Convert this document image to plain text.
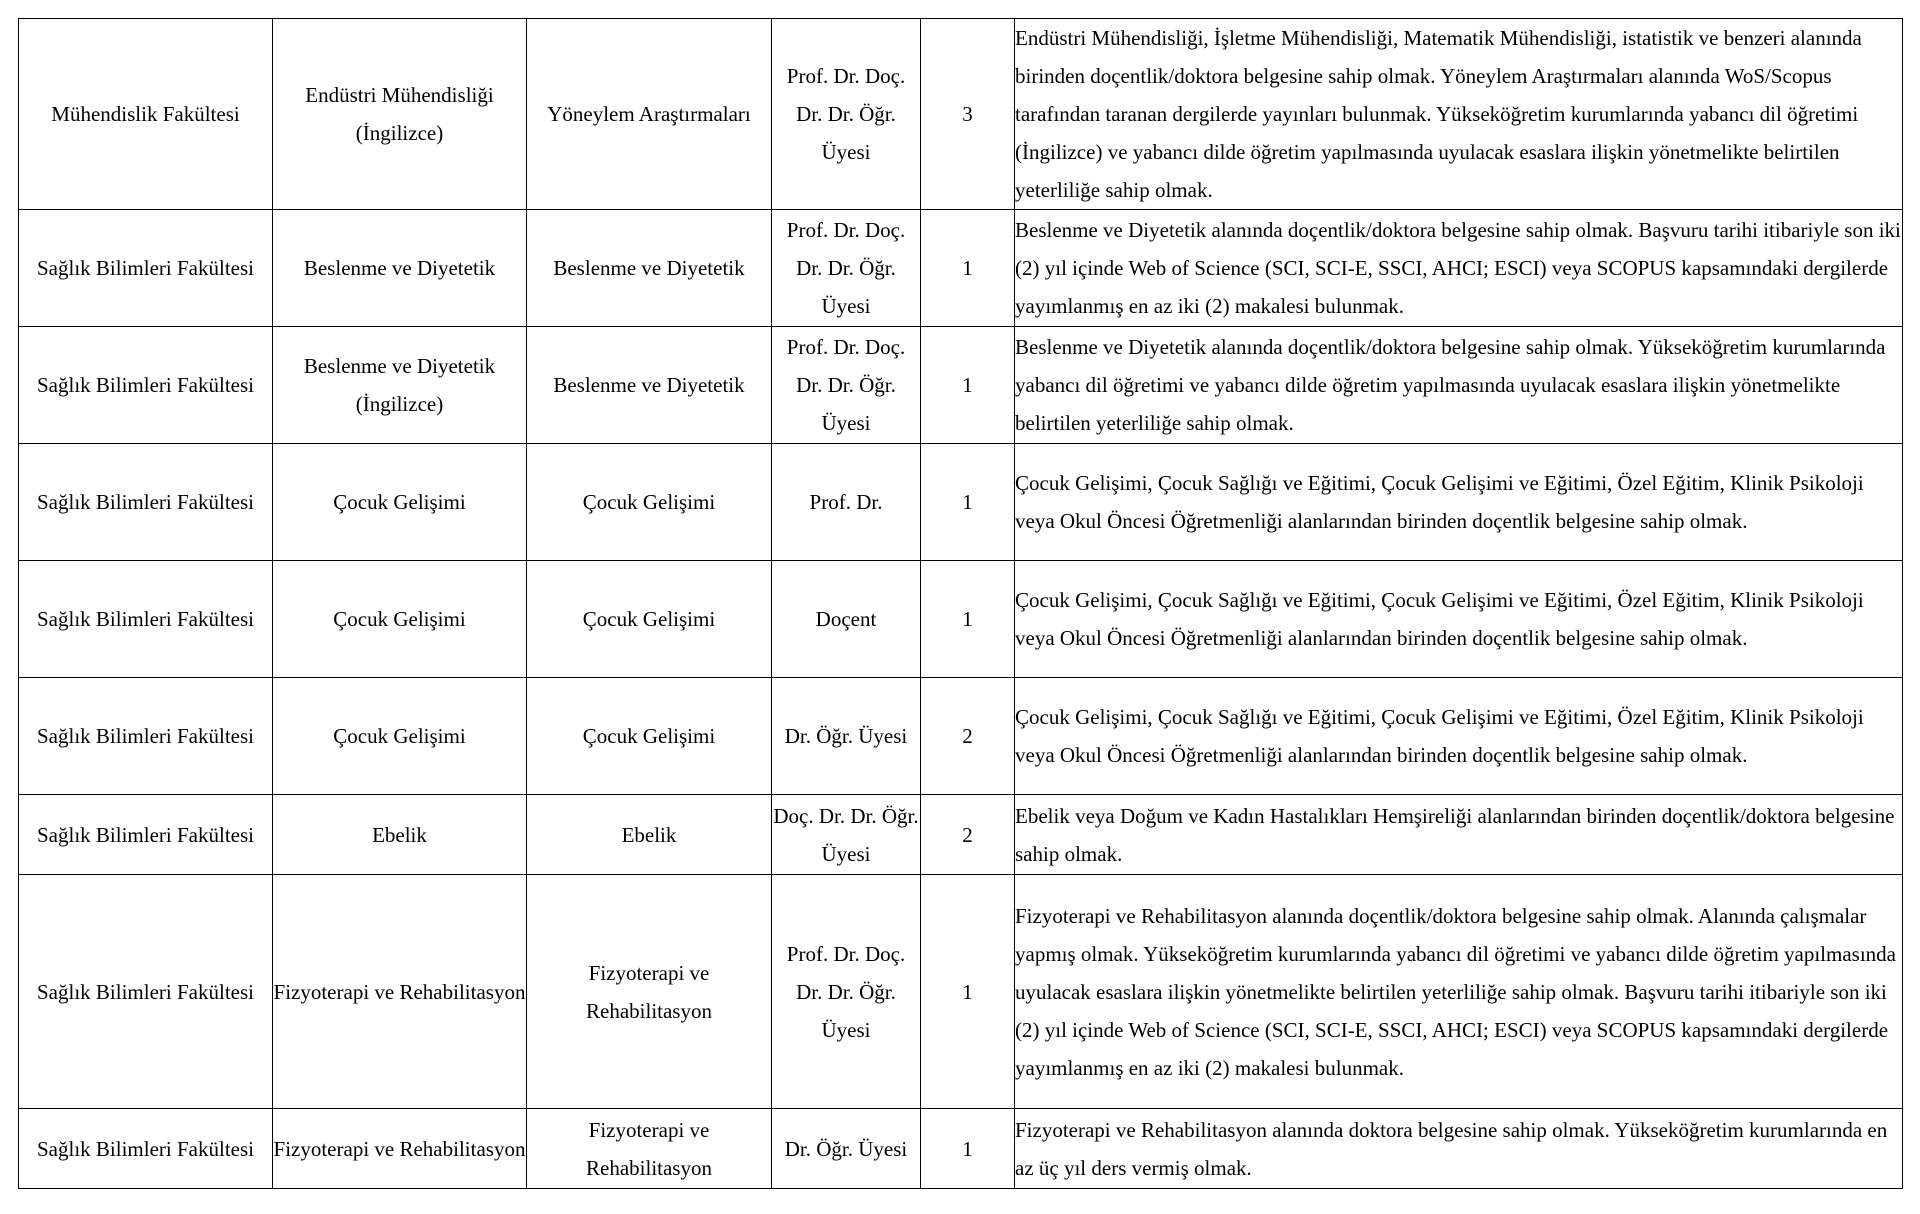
Mühendislik Fakültesi	Endüstri Mühendisliği (İngilizce)	Yöneylem Araştırmaları	Prof. Dr. Doç. Dr. Dr. Öğr. Üyesi	3	Endüstri Mühendisliği, İşletme Mühendisliği, Matematik Mühendisliği, istatistik ve benzeri alanında birinden doçentlik/doktora belgesine sahip olmak. Yöneylem Araştırmaları alanında WoS/Scopus tarafından taranan dergilerde yayınları bulunmak. Yükseköğretim kurumlarında yabancı dil öğretimi (İngilizce) ve yabancı dilde öğretim yapılmasında uyulacak esaslara ilişkin yönetmelikte belirtilen yeterliliğe sahip olmak.
Sağlık Bilimleri Fakültesi	Beslenme ve Diyetetik	Beslenme ve Diyetetik	Prof. Dr. Doç. Dr. Dr. Öğr. Üyesi	1	Beslenme ve Diyetetik alanında doçentlik/doktora belgesine sahip olmak. Başvuru tarihi itibariyle son iki (2) yıl içinde Web of Science (SCI, SCI-E, SSCI, AHCI; ESCI) veya SCOPUS kapsamındaki dergilerde yayımlanmış en az iki (2) makalesi bulunmak.
Sağlık Bilimleri Fakültesi	Beslenme ve Diyetetik (İngilizce)	Beslenme ve Diyetetik	Prof. Dr. Doç. Dr. Dr. Öğr. Üyesi	1	Beslenme ve Diyetetik alanında doçentlik/doktora belgesine sahip olmak. Yükseköğretim kurumlarında yabancı dil öğretimi ve yabancı dilde öğretim yapılmasında uyulacak esaslara ilişkin yönetmelikte belirtilen yeterliliğe sahip olmak.
Sağlık Bilimleri Fakültesi	Çocuk Gelişimi	Çocuk Gelişimi	Prof. Dr.	1	Çocuk Gelişimi, Çocuk Sağlığı ve Eğitimi, Çocuk Gelişimi ve Eğitimi, Özel Eğitim, Klinik Psikoloji veya Okul Öncesi Öğretmenliği alanlarından birinden doçentlik belgesine sahip olmak.
Sağlık Bilimleri Fakültesi	Çocuk Gelişimi	Çocuk Gelişimi	Doçent	1	Çocuk Gelişimi, Çocuk Sağlığı ve Eğitimi, Çocuk Gelişimi ve Eğitimi, Özel Eğitim, Klinik Psikoloji veya Okul Öncesi Öğretmenliği alanlarından birinden doçentlik belgesine sahip olmak.
Sağlık Bilimleri Fakültesi	Çocuk Gelişimi	Çocuk Gelişimi	Dr. Öğr. Üyesi	2	Çocuk Gelişimi, Çocuk Sağlığı ve Eğitimi, Çocuk Gelişimi ve Eğitimi, Özel Eğitim, Klinik Psikoloji veya Okul Öncesi Öğretmenliği alanlarından birinden doçentlik belgesine sahip olmak.
Sağlık Bilimleri Fakültesi	Ebelik	Ebelik	Doç. Dr. Dr. Öğr. Üyesi	2	Ebelik veya Doğum ve Kadın Hastalıkları Hemşireliği alanlarından birinden doçentlik/doktora belgesine sahip olmak.
Sağlık Bilimleri Fakültesi	Fizyoterapi ve Rehabilitasyon	Fizyoterapi ve Rehabilitasyon	Prof. Dr. Doç. Dr. Dr. Öğr. Üyesi	1	Fizyoterapi ve Rehabilitasyon alanında doçentlik/doktora belgesine sahip olmak. Alanında çalışmalar yapmış olmak. Yükseköğretim kurumlarında yabancı dil öğretimi ve yabancı dilde öğretim yapılmasında uyulacak esaslara ilişkin yönetmelikte belirtilen yeterliliğe sahip olmak. Başvuru tarihi itibariyle son iki (2) yıl içinde Web of Science (SCI, SCI-E, SSCI, AHCI; ESCI) veya SCOPUS kapsamındaki dergilerde yayımlanmış en az iki (2) makalesi bulunmak.
Sağlık Bilimleri Fakültesi	Fizyoterapi ve Rehabilitasyon	Fizyoterapi ve Rehabilitasyon	Dr. Öğr. Üyesi	1	Fizyoterapi ve Rehabilitasyon alanında doktora belgesine sahip olmak. Yükseköğretim kurumlarında en az üç yıl ders vermiş olmak.
